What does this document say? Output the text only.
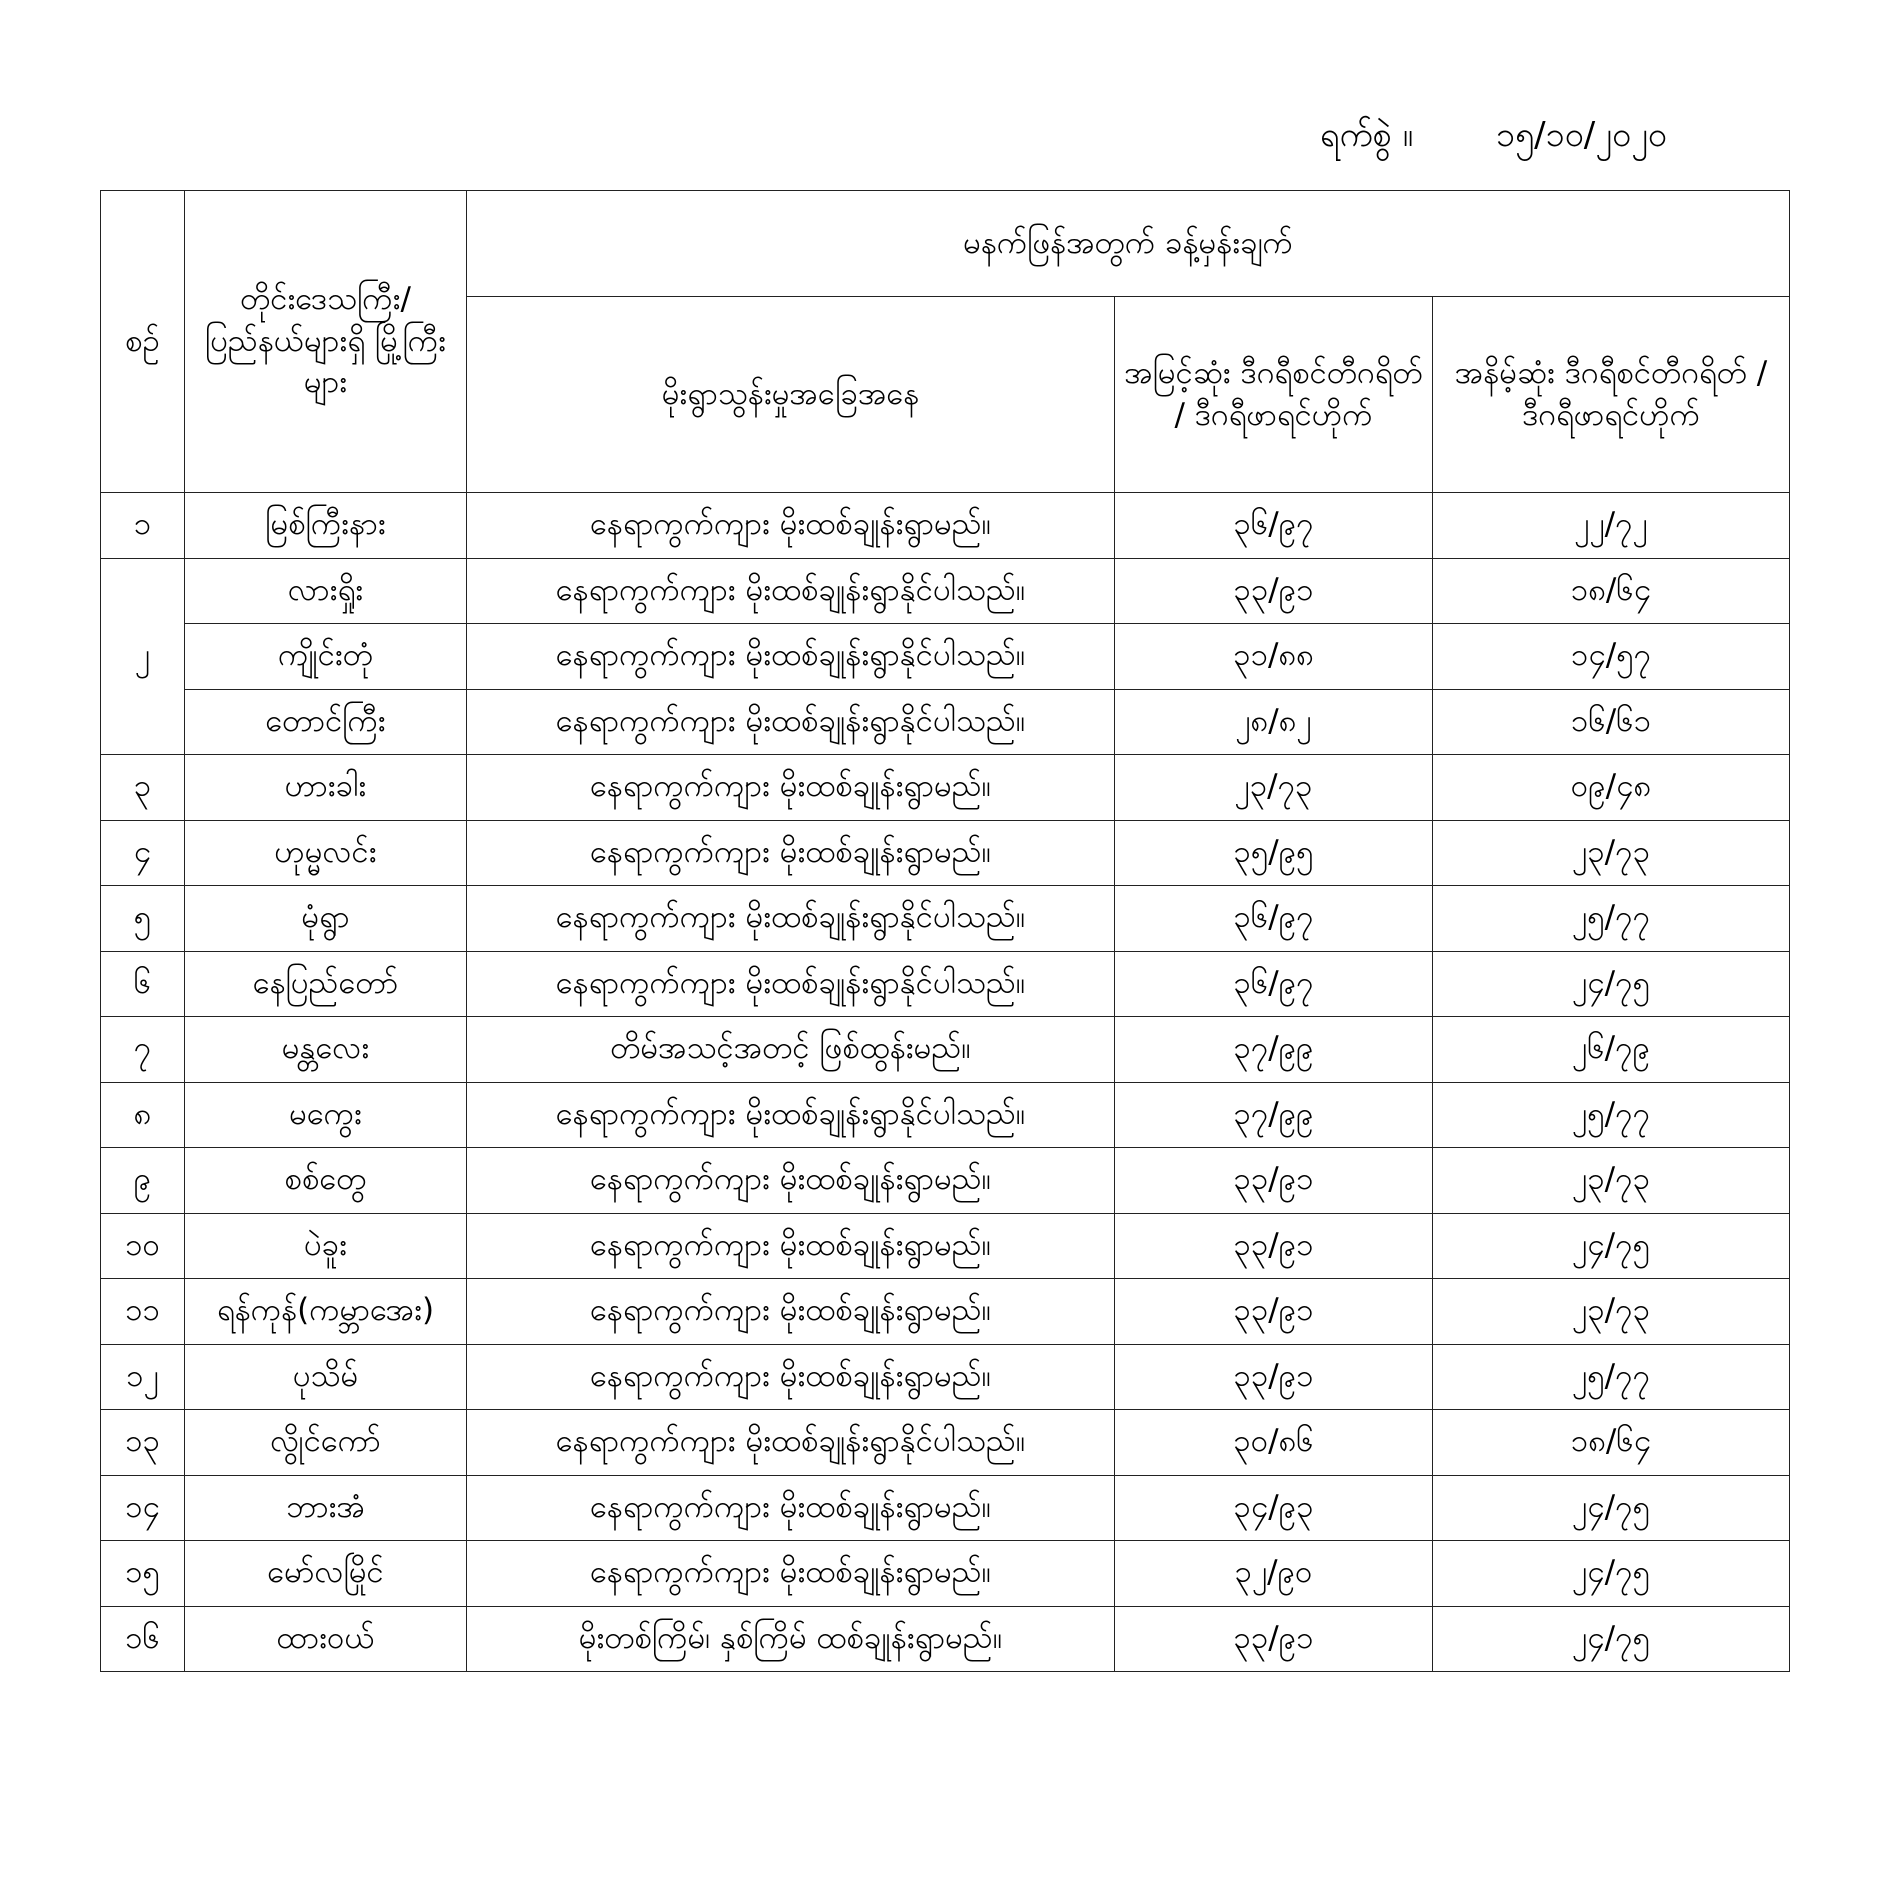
ရက်စွဲ ။ ၁၅/၁၀/၂၀၂၀
စဉ်	တိုင်းဒေသကြီး/ ပြည်နယ်များရှိ မြို့ကြီးများ	မနက်ဖြန်အတွက် ခန့်မှန်းချက်		
		မိုးရွာသွန်းမှုအခြေအနေ	အမြင့်ဆုံး ဒီဂရီစင်တီဂရိတ် / ဒီဂရီဖာရင်ဟိုက်	အနိမ့်ဆုံး ဒီဂရီစင်တီဂရိတ် / ဒီဂရီဖာရင်ဟိုက်
၁	မြစ်ကြီးနား	နေရာကွက်ကျား မိုးထစ်ချုန်းရွာမည်။	၃၆/၉၇	၂၂/၇၂
၂	လားရှိုး	နေရာကွက်ကျား မိုးထစ်ချုန်းရွာနိုင်ပါသည်။	၃၃/၉၁	၁၈/၆၄
	ကျိုင်းတုံ	နေရာကွက်ကျား မိုးထစ်ချုန်းရွာနိုင်ပါသည်။	၃၁/၈၈	၁၄/၅၇
	တောင်ကြီး	နေရာကွက်ကျား မိုးထစ်ချုန်းရွာနိုင်ပါသည်။	၂၈/၈၂	၁၆/၆၁
၃	ဟားခါး	နေရာကွက်ကျား မိုးထစ်ချုန်းရွာမည်။	၂၃/၇၃	၀၉/၄၈
၄	ဟုမ္မလင်း	နေရာကွက်ကျား မိုးထစ်ချုန်းရွာမည်။	၃၅/၉၅	၂၃/၇၃
၅	မုံရွာ	နေရာကွက်ကျား မိုးထစ်ချုန်းရွာနိုင်ပါသည်။	၃၆/၉၇	၂၅/၇၇
၆	နေပြည်တော်	နေရာကွက်ကျား မိုးထစ်ချုန်းရွာနိုင်ပါသည်။	၃၆/၉၇	၂၄/၇၅
၇	မန္တလေး	တိမ်အသင့်အတင့် ဖြစ်ထွန်းမည်။	၃၇/၉၉	၂၆/၇၉
၈	မကွေး	နေရာကွက်ကျား မိုးထစ်ချုန်းရွာနိုင်ပါသည်။	၃၇/၉၉	၂၅/၇၇
၉	စစ်တွေ	နေရာကွက်ကျား မိုးထစ်ချုန်းရွာမည်။	၃၃/၉၁	၂၃/၇၃
၁၀	ပဲခူး	နေရာကွက်ကျား မိုးထစ်ချုန်းရွာမည်။	၃၃/၉၁	၂၄/၇၅
၁၁	ရန်ကုန်(ကမ္ဘာအေး)	နေရာကွက်ကျား မိုးထစ်ချုန်းရွာမည်။	၃၃/၉၁	၂၃/၇၃
၁၂	ပုသိမ်	နေရာကွက်ကျား မိုးထစ်ချုန်းရွာမည်။	၃၃/၉၁	၂၅/၇၇
၁၃	လွိုင်ကော်	နေရာကွက်ကျား မိုးထစ်ချုန်းရွာနိုင်ပါသည်။	၃၀/၈၆	၁၈/၆၄
၁၄	ဘားအံ	နေရာကွက်ကျား မိုးထစ်ချုန်းရွာမည်။	၃၄/၉၃	၂၄/၇၅
၁၅	မော်လမြိုင်	နေရာကွက်ကျား မိုးထစ်ချုန်းရွာမည်။	၃၂/၉၀	၂၄/၇၅
၁၆	ထားဝယ်	မိုးတစ်ကြိမ်၊ နှစ်ကြိမ် ထစ်ချုန်းရွာမည်။	၃၃/၉၁	၂၄/၇၅
